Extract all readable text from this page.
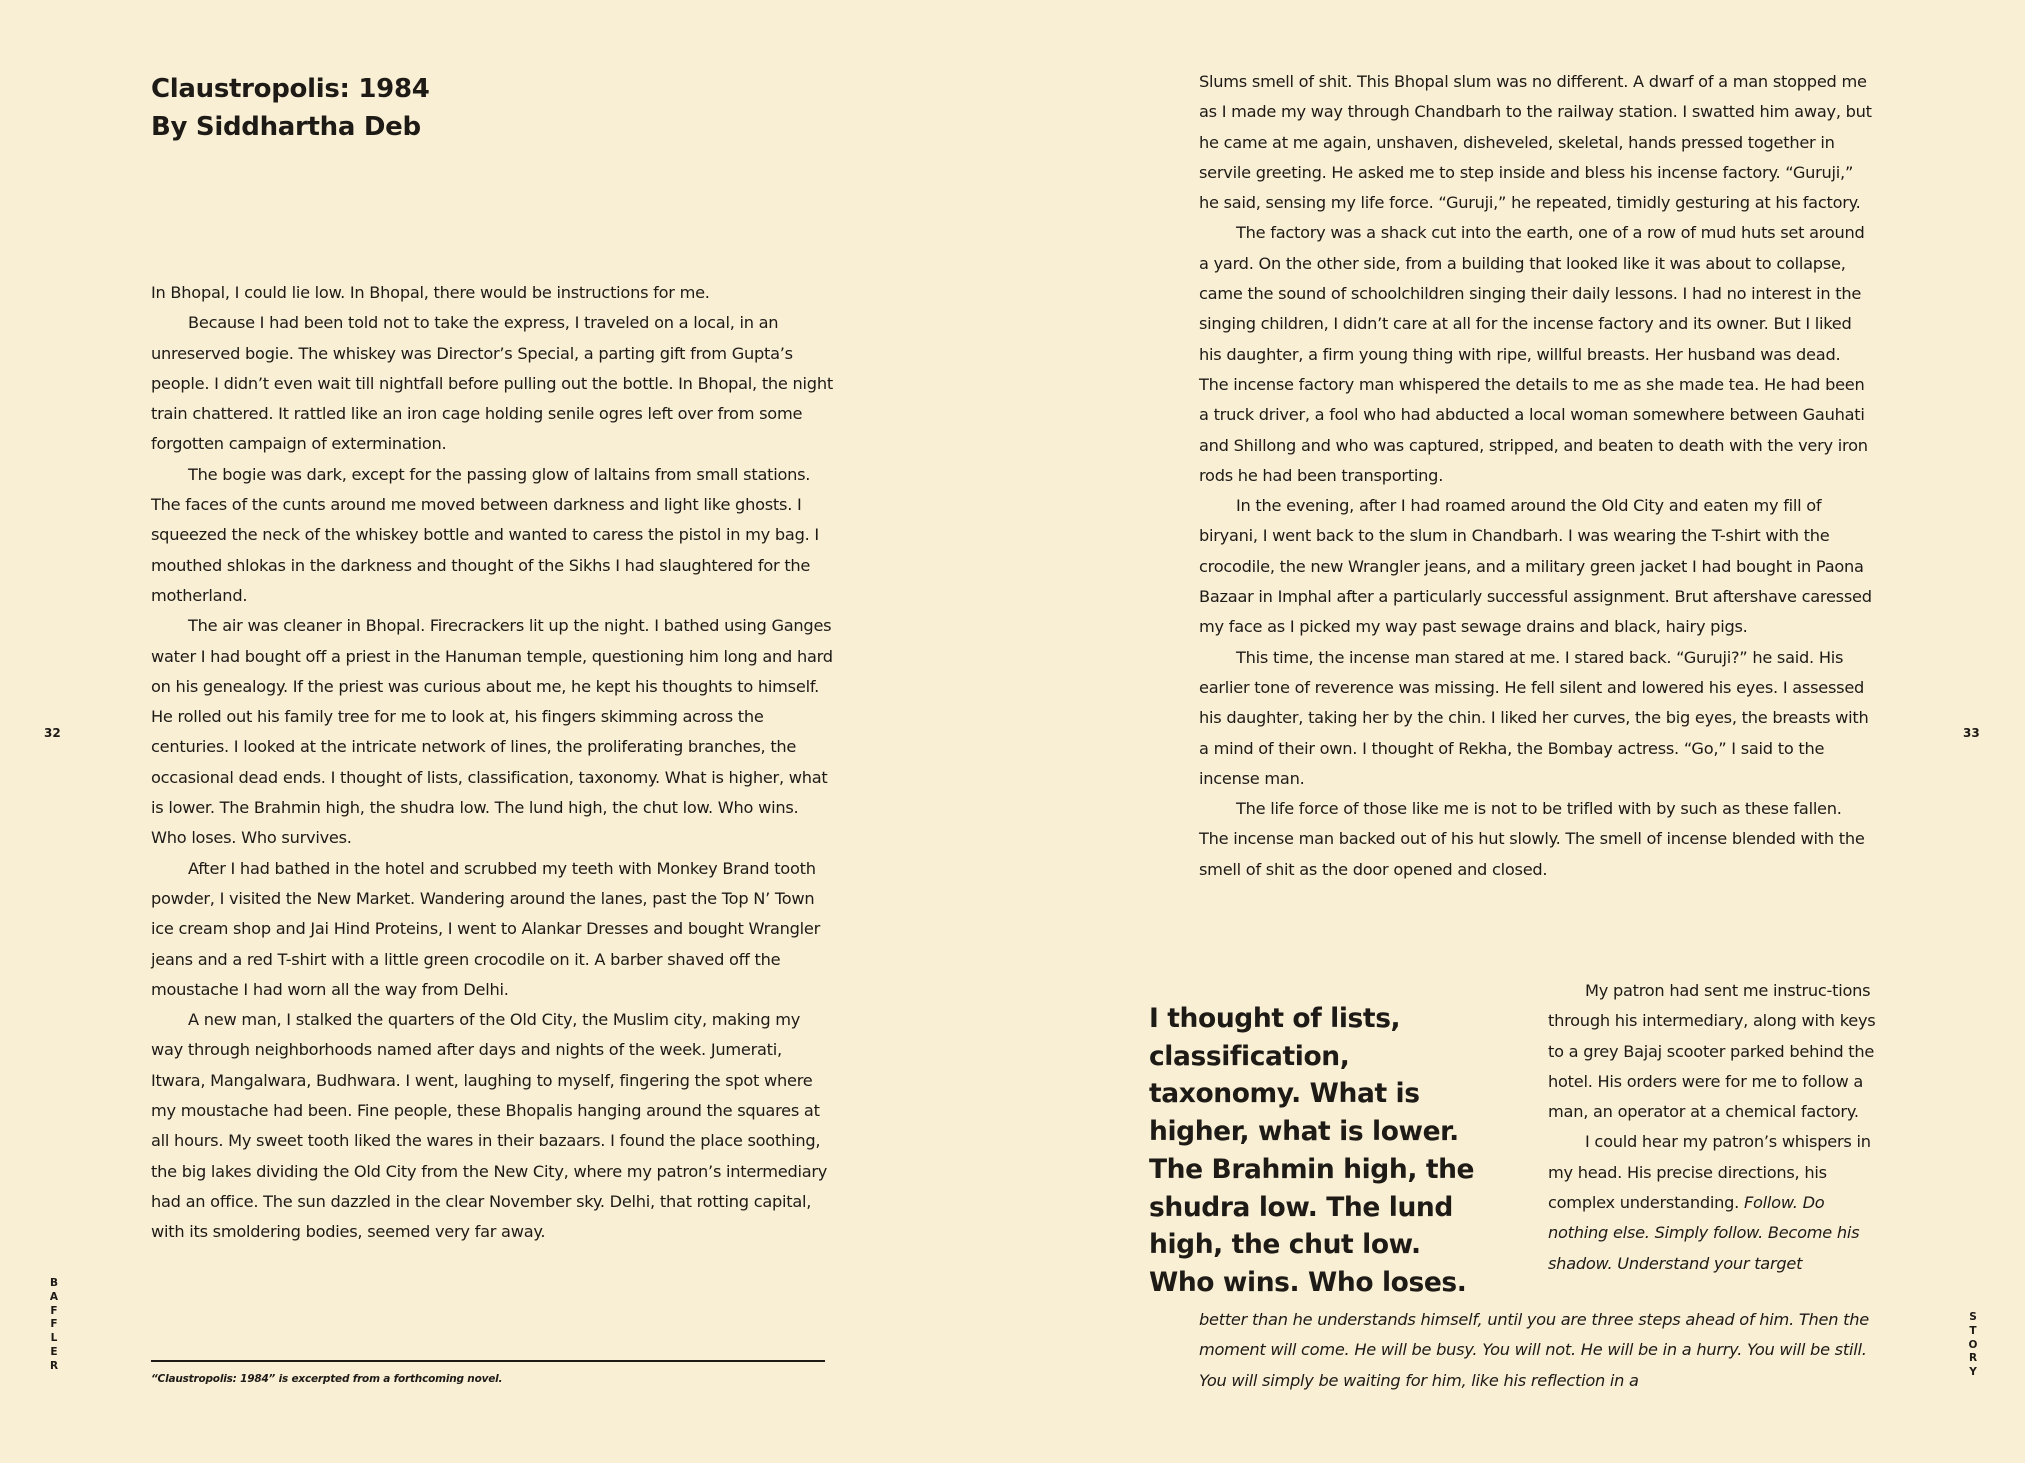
Claustropolis: 1984
By Siddhartha Deb

In Bhopal, I could lie low. In Bhopal, there would be instructions for me.

Because I had been told not to take the express, I traveled on a local, in an unreserved bogie. The whiskey was Director’s Special, a parting gift from Gupta’s people. I didn’t even wait till nightfall before pulling out the bottle. In Bhopal, the night train chattered. It rattled like an iron cage holding senile ogres left over from some forgotten campaign of extermination.

The bogie was dark, except for the passing glow of laltains from small stations. The faces of the cunts around me moved between darkness and light like ghosts. I squeezed the neck of the whiskey bottle and wanted to caress the pistol in my bag. I mouthed shlokas in the darkness and thought of the Sikhs I had slaughtered for the motherland.

The air was cleaner in Bhopal. Firecrackers lit up the night. I bathed using Ganges water I had bought off a priest in the Hanuman temple, questioning him long and hard on his genealogy. If the priest was curious about me, he kept his thoughts to himself. He rolled out his family tree for me to look at, his fingers skimming across the centuries. I looked at the intricate network of lines, the proliferating branches, the occasional dead ends. I thought of lists, classification, taxonomy. What is higher, what is lower. The Brahmin high, the shudra low. The lund high, the chut low. Who wins. Who loses. Who survives.

After I had bathed in the hotel and scrubbed my teeth with Monkey Brand tooth powder, I visited the New Market. Wandering around the lanes, past the Top N’ Town ice cream shop and Jai Hind Proteins, I went to Alankar Dresses and bought Wrangler jeans and a red T-shirt with a little green crocodile on it. A barber shaved off the moustache I had worn all the way from Delhi.

A new man, I stalked the quarters of the Old City, the Muslim city, making my way through neighborhoods named after days and nights of the week. Jumerati, Itwara, Mangalwara, Budhwara. I went, laughing to myself, fingering the spot where my moustache had been. Fine people, these Bhopalis hanging around the squares at all hours. My sweet tooth liked the wares in their bazaars. I found the place soothing, the big lakes dividing the Old City from the New City, where my patron’s intermediary had an office. The sun dazzled in the clear November sky. Delhi, that rotting capital, with its smoldering bodies, seemed very far away.

“Claustropolis: 1984” is excerpted from a forthcoming novel.

Slums smell of shit. This Bhopal slum was no different. A dwarf of a man stopped me as I made my way through Chandbarh to the railway station. I swatted him away, but he came at me again, unshaven, disheveled, skeletal, hands pressed together in servile greeting. He asked me to step inside and bless his incense factory. “Guruji,” he said, sensing my life force. “Guruji,” he repeated, timidly gesturing at his factory.

The factory was a shack cut into the earth, one of a row of mud huts set around a yard. On the other side, from a building that looked like it was about to collapse, came the sound of schoolchildren singing their daily lessons. I had no interest in the singing children, I didn’t care at all for the incense factory and its owner. But I liked his daughter, a firm young thing with ripe, willful breasts. Her husband was dead. The incense factory man whispered the details to me as she made tea. He had been a truck driver, a fool who had abducted a local woman somewhere between Gauhati and Shillong and who was captured, stripped, and beaten to death with the very iron rods he had been transporting.

In the evening, after I had roamed around the Old City and eaten my fill of biryani, I went back to the slum in Chandbarh. I was wearing the T-shirt with the crocodile, the new Wrangler jeans, and a military green jacket I had bought in Paona Bazaar in Imphal after a particularly successful assignment. Brut aftershave caressed my face as I picked my way past sewage drains and black, hairy pigs.

This time, the incense man stared at me. I stared back. “Guruji?” he said. His earlier tone of reverence was missing. He fell silent and lowered his eyes. I assessed his daughter, taking her by the chin. I liked her curves, the big eyes, the breasts with a mind of their own. I thought of Rekha, the Bombay actress. “Go,” I said to the incense man.

The life force of those like me is not to be trifled with by such as these fallen. The incense man backed out of his hut slowly. The smell of incense blended with the smell of shit as the door opened and closed.

I thought of lists, classification, taxonomy. What is higher, what is lower. The Brahmin high, the shudra low. The lund high, the chut low. Who wins. Who loses.

My patron had sent me instruc-tions through his intermediary, along with keys to a grey Bajaj scooter parked behind the hotel. His orders were for me to follow a man, an operator at a chemical factory.

I could hear my patron’s whispers in my head. His precise directions, his complex understanding. Follow. Do nothing else. Simply follow. Become his shadow. Understand your target

better than he understands himself, until you are three steps ahead of him. Then the moment will come. He will be busy. You will not. He will be in a hurry. You will be still. You will simply be waiting for him, like his reflection in a

32	33
B
A
F
F
L
E
R
S
T
O
R
Y
